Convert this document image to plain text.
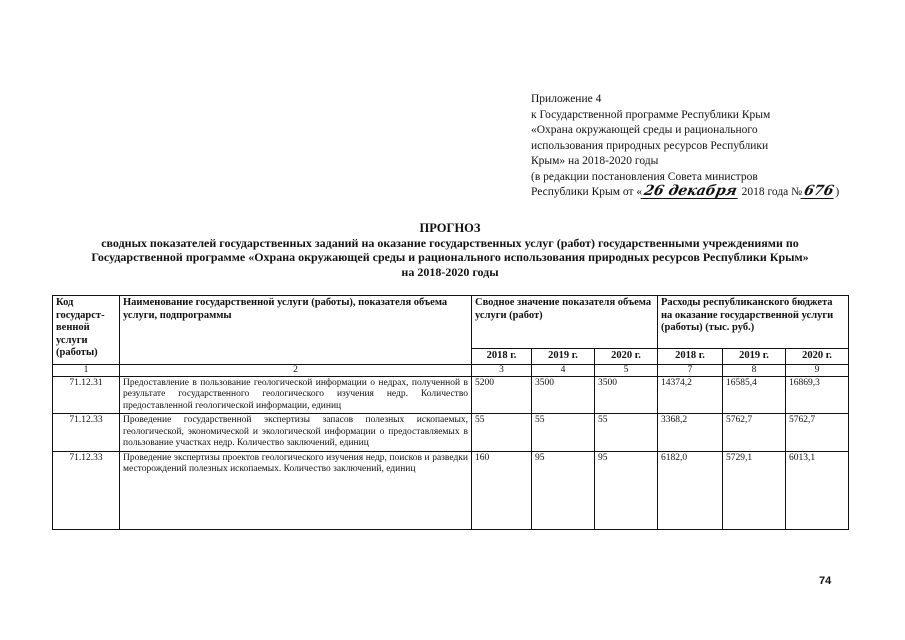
Приложение 4
к Государственной программе Республики Крым
«Охрана окружающей среды и рационального
использования природных ресурсов Республики
Крым» на 2018-2020 годы
(в редакции постановления Совета министров
Республики Крым от «26 декабря 2018 года №676)
ПРОГНОЗ
сводных показателей государственных заданий на оказание государственных услуг (работ) государственными учреждениями по
Государственной программе «Охрана окружающей среды и рационального использования природных ресурсов Республики Крым»
на 2018-2020 годы
Код государст-венной услуги (работы)	Наименование государственной услуги (работы), показателя объема услуги, подпрограммы	Сводное значение показателя объема услуги (работ)			Расходы республиканского бюджета на оказание государственной услуги (работы) (тыс. руб.)		
		2018 г.	2019 г.	2020 г.	2018 г.	2019 г.	2020 г.
1	2	3	4	5	7	8	9
71.12.31	Предоставление в пользование геологической информации о недрах, полученной в результате государственного геологического изучения недр. Количество предоставленной геологической информации, единиц	5200	3500	3500	14374,2	16585,4	16869,3
71.12.33	Проведение государственной экспертизы запасов полезных ископаемых, геологической, экономической и экологической информации о предоставляемых в пользование участках недр. Количество заключений, единиц	55	55	55	3368,2	5762,7	5762,7
71.12.33	Проведение экспертизы проектов геологического изучения недр, поисков и разведки месторождений полезных ископаемых. Количество заключений, единиц	160	95	95	6182,0	5729,1	6013,1
74
